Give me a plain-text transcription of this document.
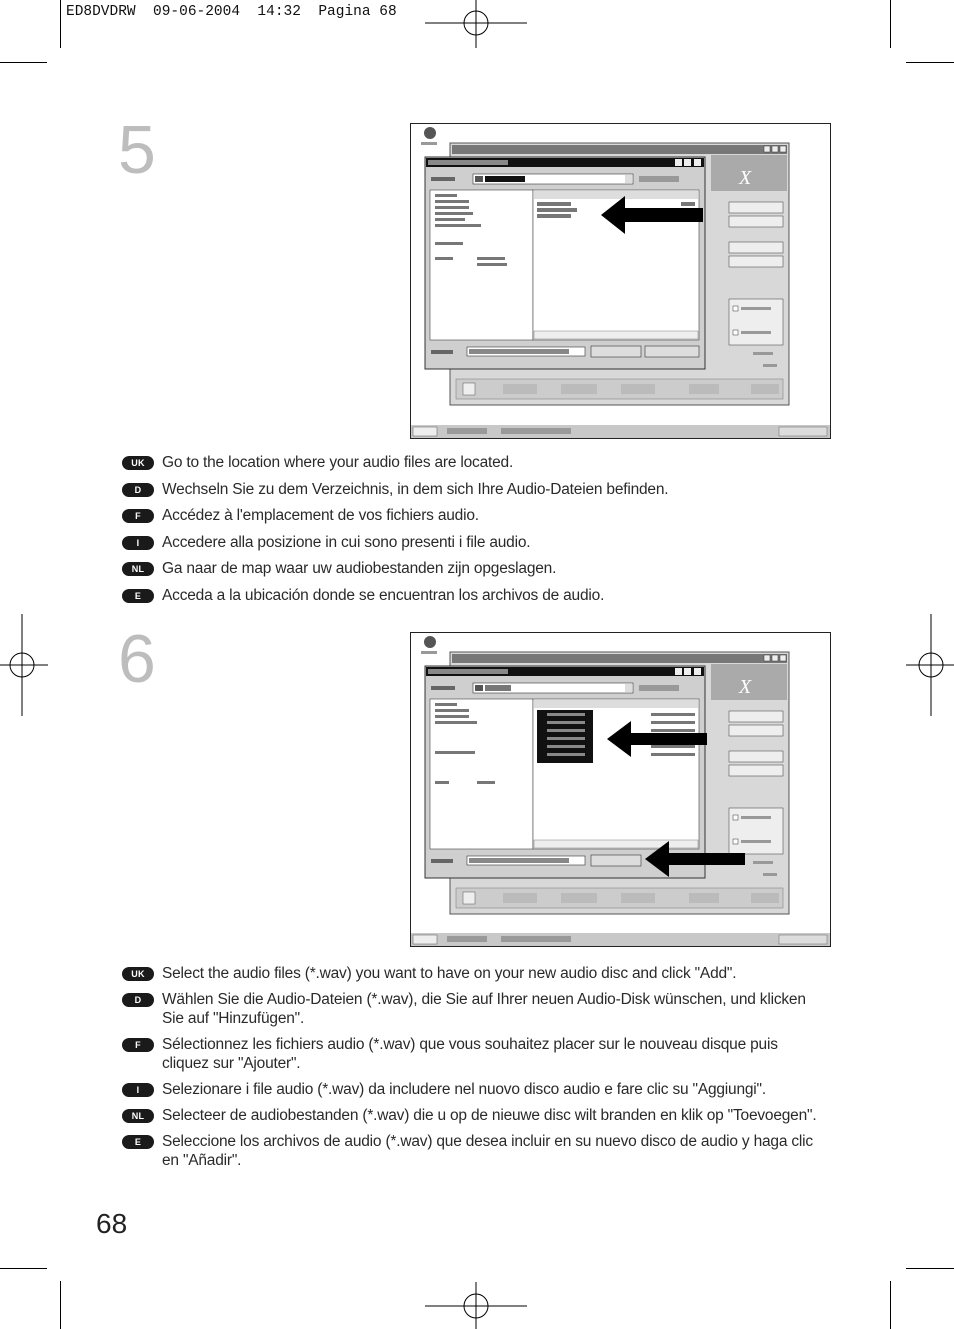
ED8DVDRW  09-06-2004  14:32  Pagina 68
5	X
UK	Go to the location where your audio files are located.
D	Wechseln Sie zu dem Verzeichnis, in dem sich Ihre Audio-Dateien befinden.
F	Accédez à l'emplacement de vos fichiers audio.
I	Accedere alla posizione in cui sono presenti i file audio.
NL	Ga naar de map waar uw audiobestanden zijn opgeslagen.
E	Acceda a la ubicación donde se encuentran los archivos de audio.
6	X
UK	Select the audio files (*.wav) you want to have on your new audio disc and click "Add".
D	Wählen Sie die Audio-Dateien (*.wav), die Sie auf Ihrer neuen Audio-Disk wünschen, und klicken Sie auf "Hinzufügen".
F	Sélectionnez les fichiers audio (*.wav) que vous souhaitez placer sur le nouveau disque puis cliquez sur "Ajouter".
I	Selezionare i file audio (*.wav) da includere nel nuovo disco audio e fare clic su "Aggiungi".
NL	Selecteer de audiobestanden (*.wav) die u op de nieuwe disc wilt branden en klik op "Toevoegen".
E	Seleccione los archivos de audio (*.wav) que desea incluir en su nuevo disco de audio y haga clic en "Añadir".
68
